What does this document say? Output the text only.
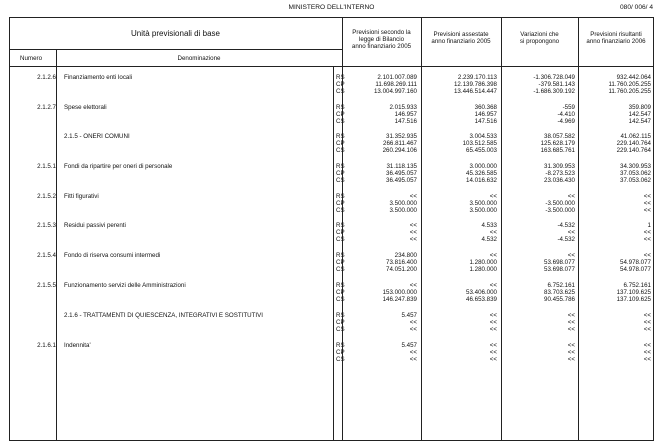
MINISTERO DELL'INTERNO	080/ 006/ 4
Unità previsionali di base
Numero	Denominazione
Previsioni secondo la
legge di Bilancio
anno finanziario 2005
Previsioni assestate
anno finanziario 2005
Variazioni che
si propongono
Previsioni risultanti
anno finanziario 2006
2.1.2.6 Finanziamento enti locali	RS	2.101.007.089	2.239.170.113	-1.306.728.049	932.442.064
CP	11.698.269.111	12.139.786.398	-379.581.143	11.760.205.255
CS	13.004.997.160	13.446.514.447	-1.686.309.192	11.760.205.255
2.1.2.7 Spese elettorali	RS	2.015.933	360.368	-559	359.809
CP	146.957	146.957	-4.410	142.547
CS	147.516	147.516	-4.969	142.547
2.1.5 - ONERI COMUNI	RS	31.352.935	3.004.533	38.057.582	41.062.115
CP	266.811.467	103.512.585	125.628.179	229.140.764
CS	260.294.106	65.455.003	163.685.761	229.140.764
2.1.5.1 Fondi da ripartire per oneri di personale	RS	31.118.135	3.000.000	31.309.953	34.309.953
CP	36.495.057	45.326.585	-8.273.523	37.053.062
CS	36.495.057	14.016.632	23.036.430	37.053.062
2.1.5.2 Fitti figurativi	RS	<<	<<	<<	<<
CP	3.500.000	3.500.000	-3.500.000	<<
CS	3.500.000	3.500.000	-3.500.000	<<
2.1.5.3 Residui passivi perenti	RS	<<	4.533	-4.532	1
CP	<<	<<	<<	<<
CS	<<	4.532	-4.532	<<
2.1.5.4 Fondo di riserva consumi intermedi	RS	234.800	<<	<<	<<
CP	73.816.400	1.280.000	53.698.077	54.978.077
CS	74.051.200	1.280.000	53.698.077	54.978.077
2.1.5.5 Funzionamento servizi delle Amministrazioni	RS	<<	<<	6.752.161	6.752.161
CP	153.000.000	53.406.000	83.703.625	137.109.625
CS	146.247.839	46.653.839	90.455.786	137.109.625
2.1.6 - TRATTAMENTI DI QUIESCENZA, INTEGRATIVI E SOSTITUTIVI	RS	5.457	<<	<<	<<
CP	<<	<<	<<	<<
CS	<<	<<	<<	<<
2.1.6.1 Indennita'	RS	5.457	<<	<<	<<
CP	<<	<<	<<	<<
CS	<<	<<	<<	<<
